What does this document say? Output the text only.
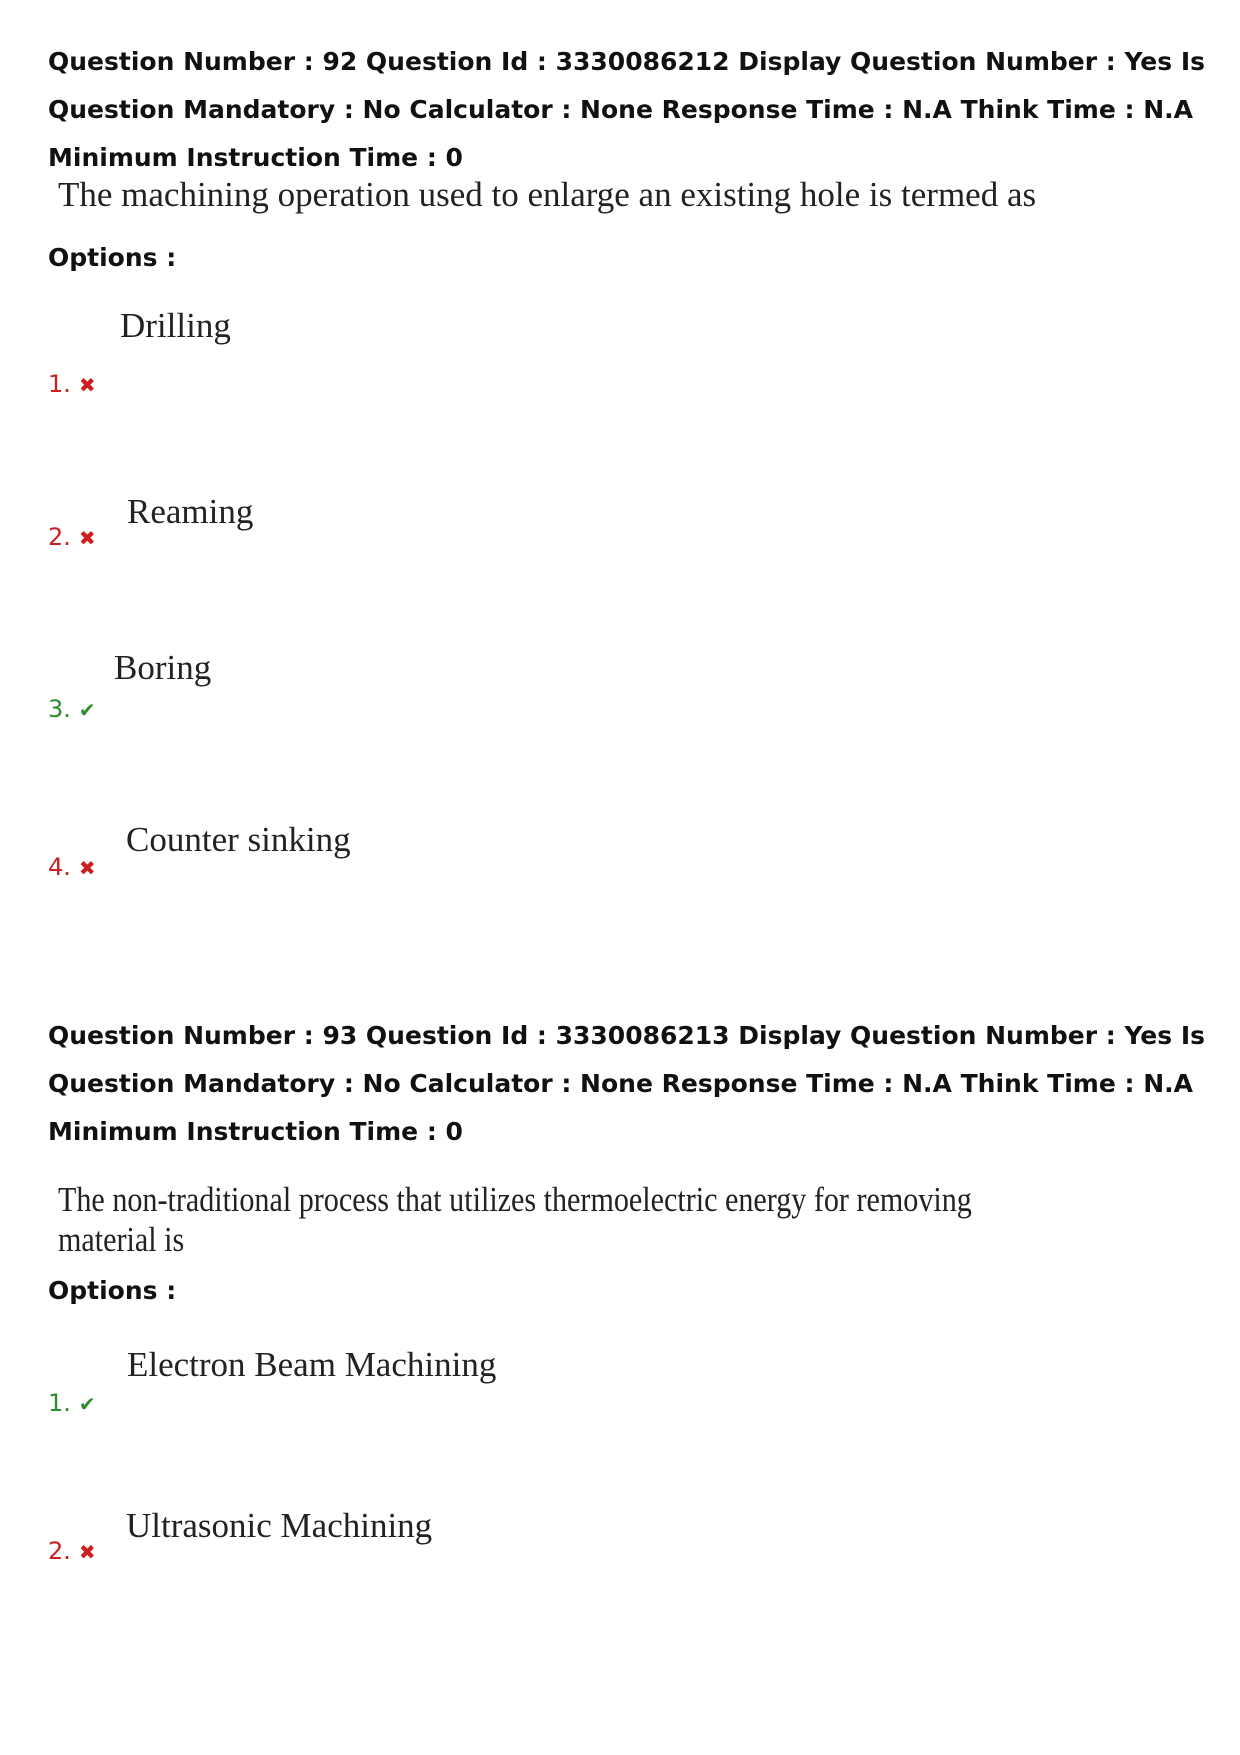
Question Number : 92 Question Id : 3330086212 Display Question Number : Yes Is Question Mandatory : No Calculator : None Response Time : N.A Think Time : N.A Minimum Instruction Time : 0
The machining operation used to enlarge an existing hole is termed as
Options :
Drilling
1. ✖
Reaming
2. ✖
Boring
3. ✔
Counter sinking
4. ✖
Question Number : 93 Question Id : 3330086213 Display Question Number : Yes Is Question Mandatory : No Calculator : None Response Time : N.A Think Time : N.A Minimum Instruction Time : 0
The non-traditional process that utilizes thermoelectric energy for removing material is
Options :
Electron Beam Machining
1. ✔
Ultrasonic Machining
2. ✖
